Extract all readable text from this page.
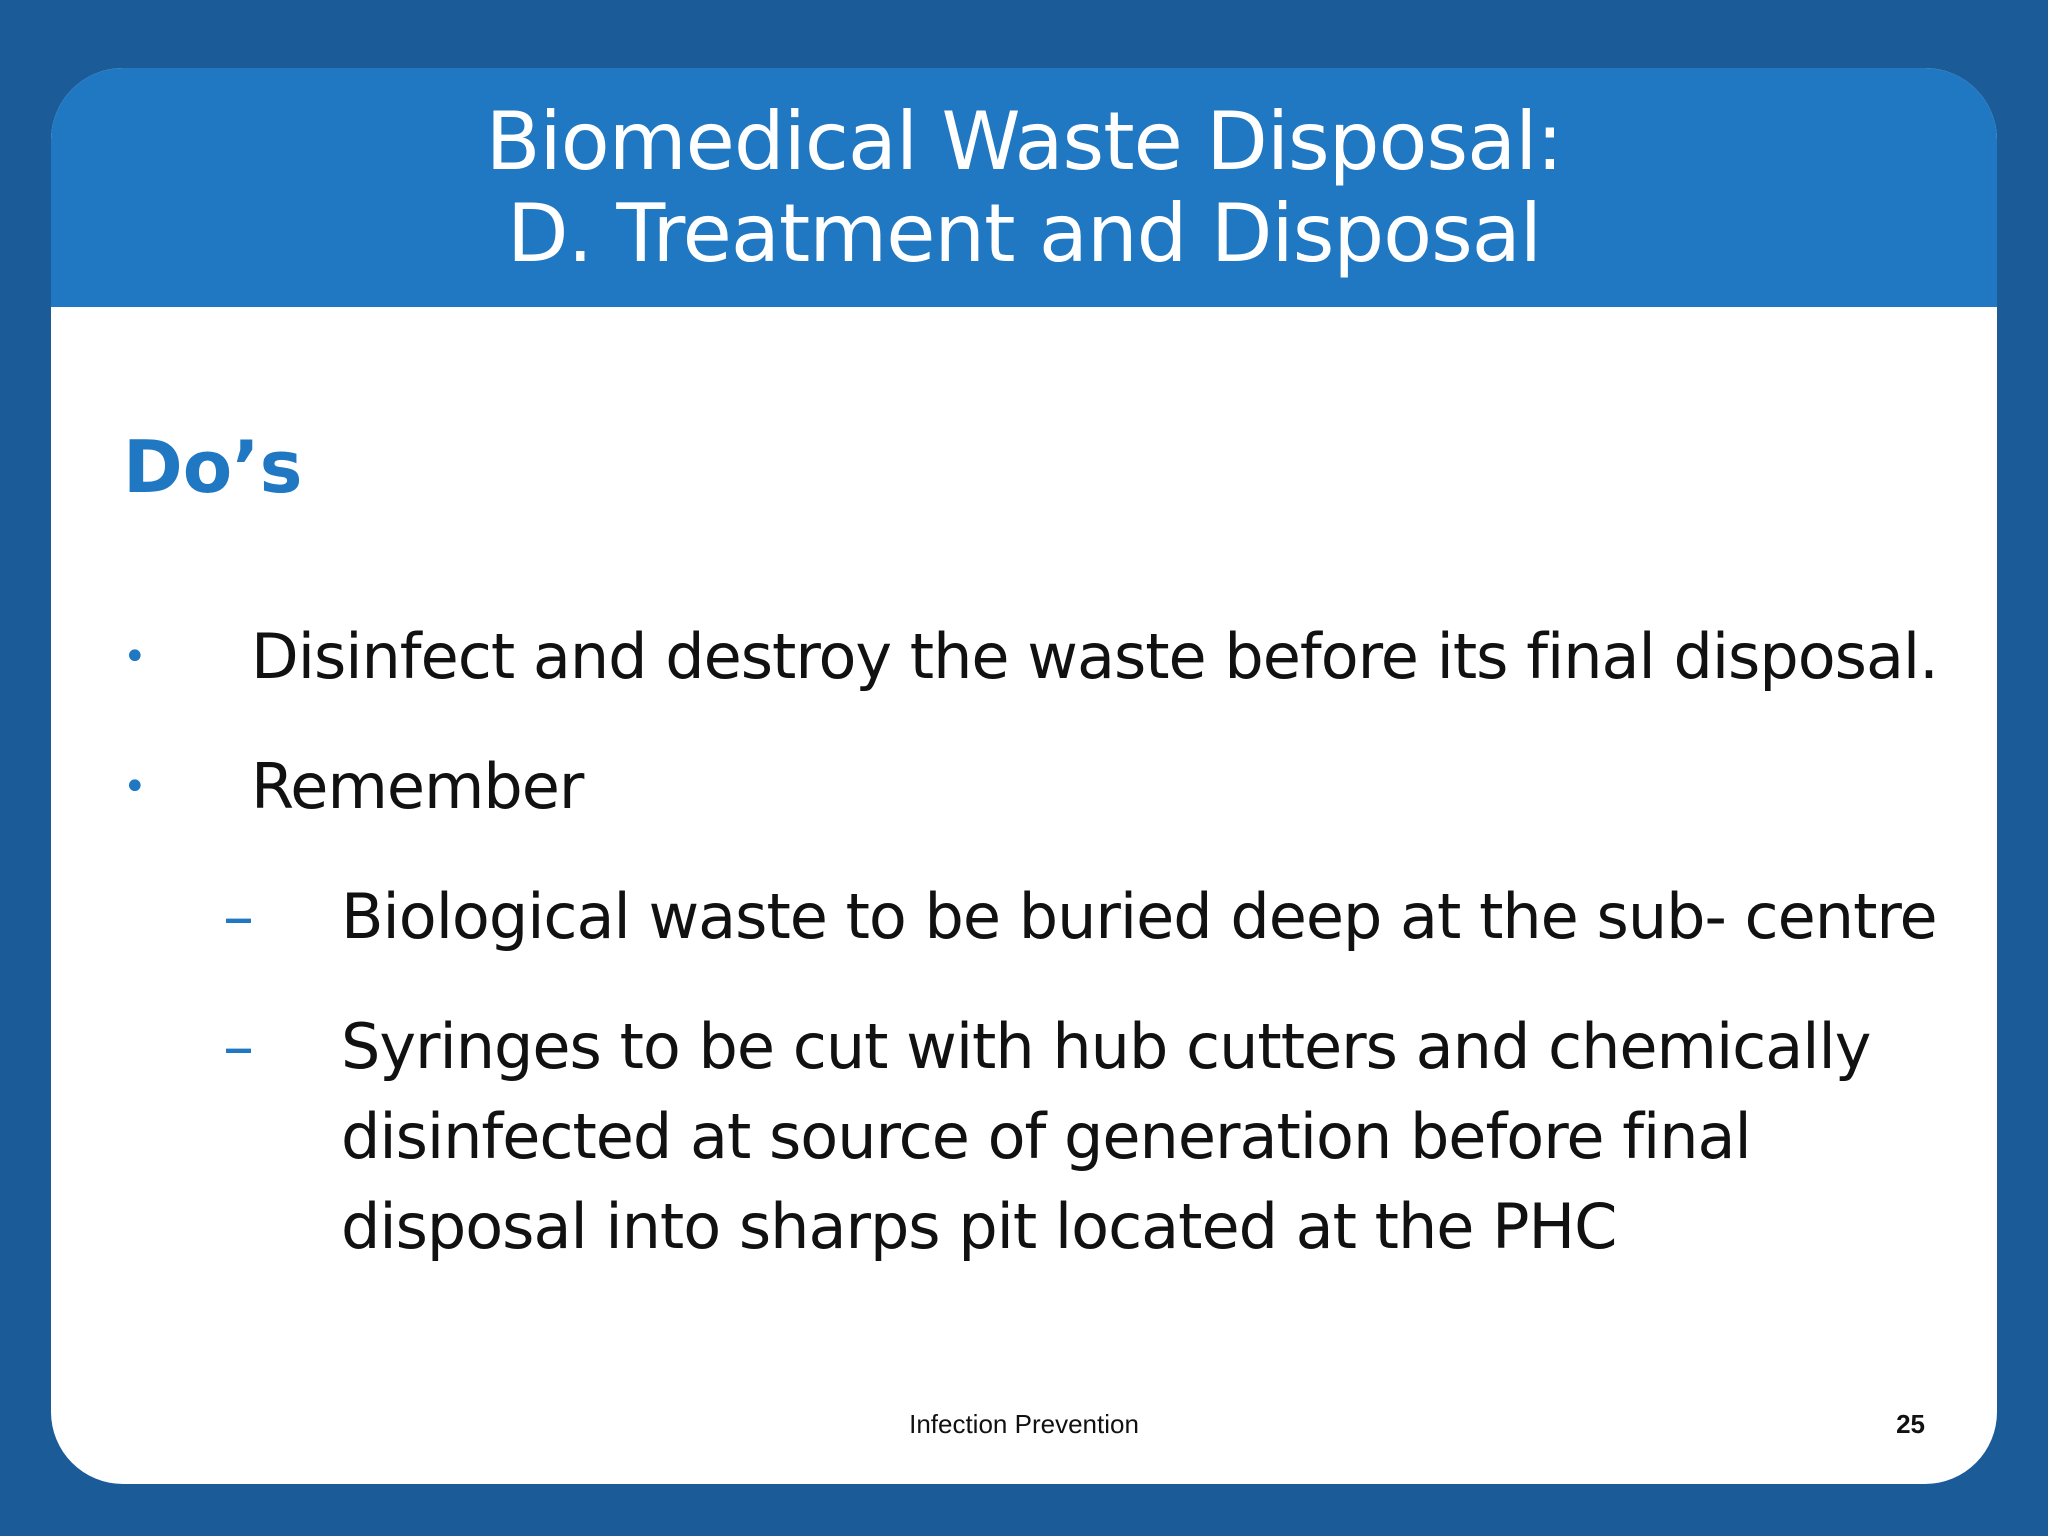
Biomedical Waste Disposal:
D. Treatment and Disposal
Do’s
• Disinfect and destroy the waste before its final disposal.
• Remember
– Biological waste to be buried deep at the sub- centre
– Syringes to be cut with hub cutters and chemically disinfected at source of generation before final disposal into sharps pit located at the PHC
Infection Prevention	25
